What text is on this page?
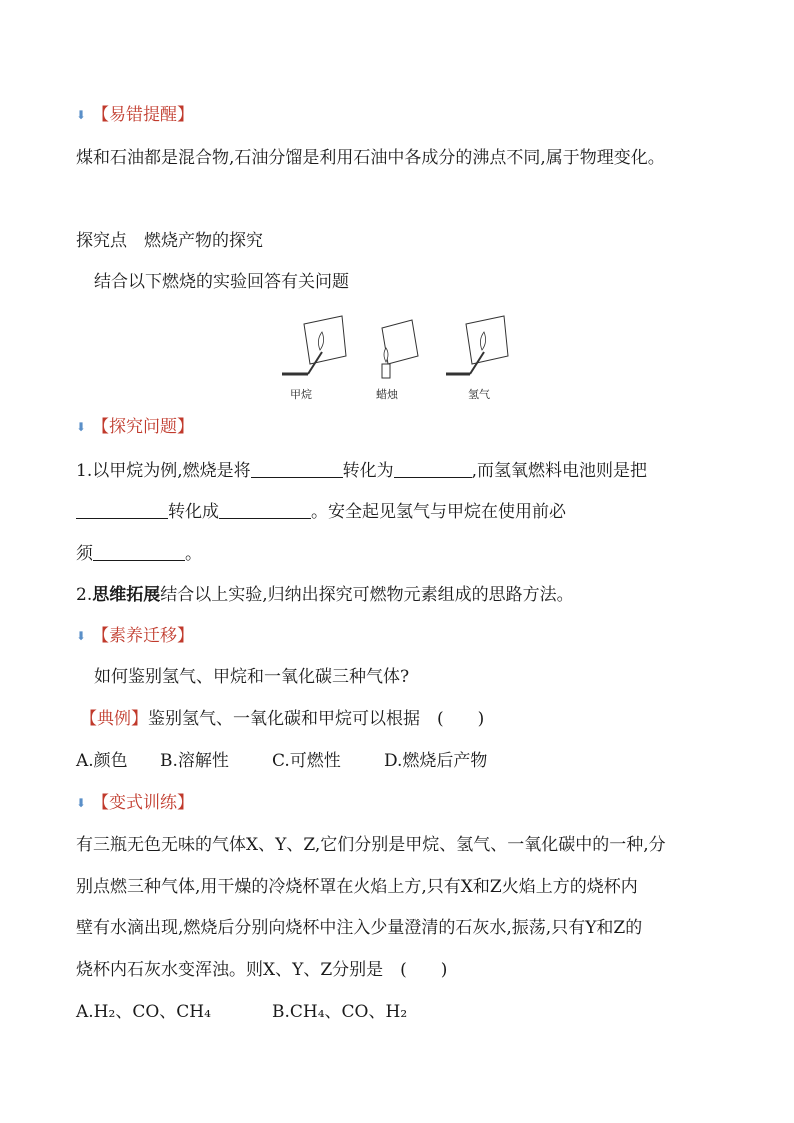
⬇ 【易错提醒】
煤和石油都是混合物,石油分馏是利用石油中各成分的沸点不同,属于物理变化。
探究点　燃烧产物的探究
结合以下燃烧的实验回答有关问题
甲烷	蜡烛	氢气
⬇ 【探究问题】
1.以甲烷为例,燃烧是将	转化为	,而氢氧燃料电池则是把
转化成	。安全起见氢气与甲烷在使用前必
须	。
2.思维拓展结合以上实验,归纳出探究可燃物元素组成的思路方法。
⬇ 【素养迁移】
如何鉴别氢气、甲烷和一氧化碳三种气体?
【典例】鉴别氢气、一氧化碳和甲烷可以根据　(　　)
A.颜色 B.溶解性	C.可燃性	D.燃烧后产物
⬇ 【变式训练】
有三瓶无色无味的气体X、Y、Z,它们分别是甲烷、氢气、一氧化碳中的一种,分
别点燃三种气体,用干燥的冷烧杯罩在火焰上方,只有X和Z火焰上方的烧杯内
壁有水滴出现,燃烧后分别向烧杯中注入少量澄清的石灰水,振荡,只有Y和Z的
烧杯内石灰水变浑浊。则X、Y、Z分别是　(　　)
A.H₂、CO、CH₄	B.CH₄、CO、H₂
